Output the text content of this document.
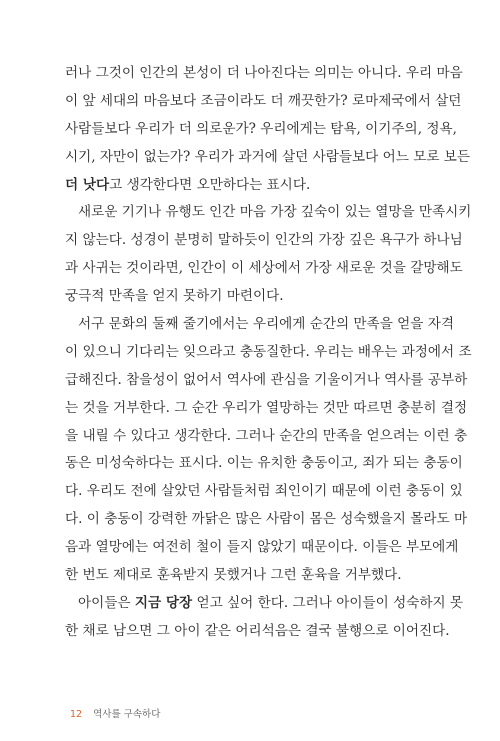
러나 그것이 인간의 본성이 더 나아진다는 의미는 아니다. 우리 마음
이 앞 세대의 마음보다 조금이라도 더 깨끗한가? 로마제국에서 살던
사람들보다 우리가 더 의로운가? 우리에게는 탐욕, 이기주의, 정욕,
시기, 자만이 없는가? 우리가 과거에 살던 사람들보다 어느 모로 보든
더 낫다고 생각한다면 오만하다는 표시다.
새로운 기기나 유행도 인간 마음 가장 깊숙이 있는 열망을 만족시키
지 않는다. 성경이 분명히 말하듯이 인간의 가장 깊은 욕구가 하나님
과 사귀는 것이라면, 인간이 이 세상에서 가장 새로운 것을 갈망해도
궁극적 만족을 얻지 못하기 마련이다.
서구 문화의 둘째 줄기에서는 우리에게 순간의 만족을 얻을 자격
이 있으니 기다리는 잊으라고 충동질한다. 우리는 배우는 과정에서 조
급해진다. 참을성이 없어서 역사에 관심을 기울이거나 역사를 공부하
는 것을 거부한다. 그 순간 우리가 열망하는 것만 따르면 충분히 결정
을 내릴 수 있다고 생각한다. 그러나 순간의 만족을 얻으려는 이런 충
동은 미성숙하다는 표시다. 이는 유치한 충동이고, 죄가 되는 충동이
다. 우리도 전에 살았던 사람들처럼 죄인이기 때문에 이런 충동이 있
다. 이 충동이 강력한 까닭은 많은 사람이 몸은 성숙했을지 몰라도 마
음과 열망에는 여전히 철이 들지 않았기 때문이다. 이들은 부모에게
한 번도 제대로 훈육받지 못했거나 그런 훈육을 거부했다.
아이들은 지금 당장 얻고 싶어 한다. 그러나 아이들이 성숙하지 못
한 채로 남으면 그 아이 같은 어리석음은 결국 불행으로 이어진다.
12 역사를 구속하다
